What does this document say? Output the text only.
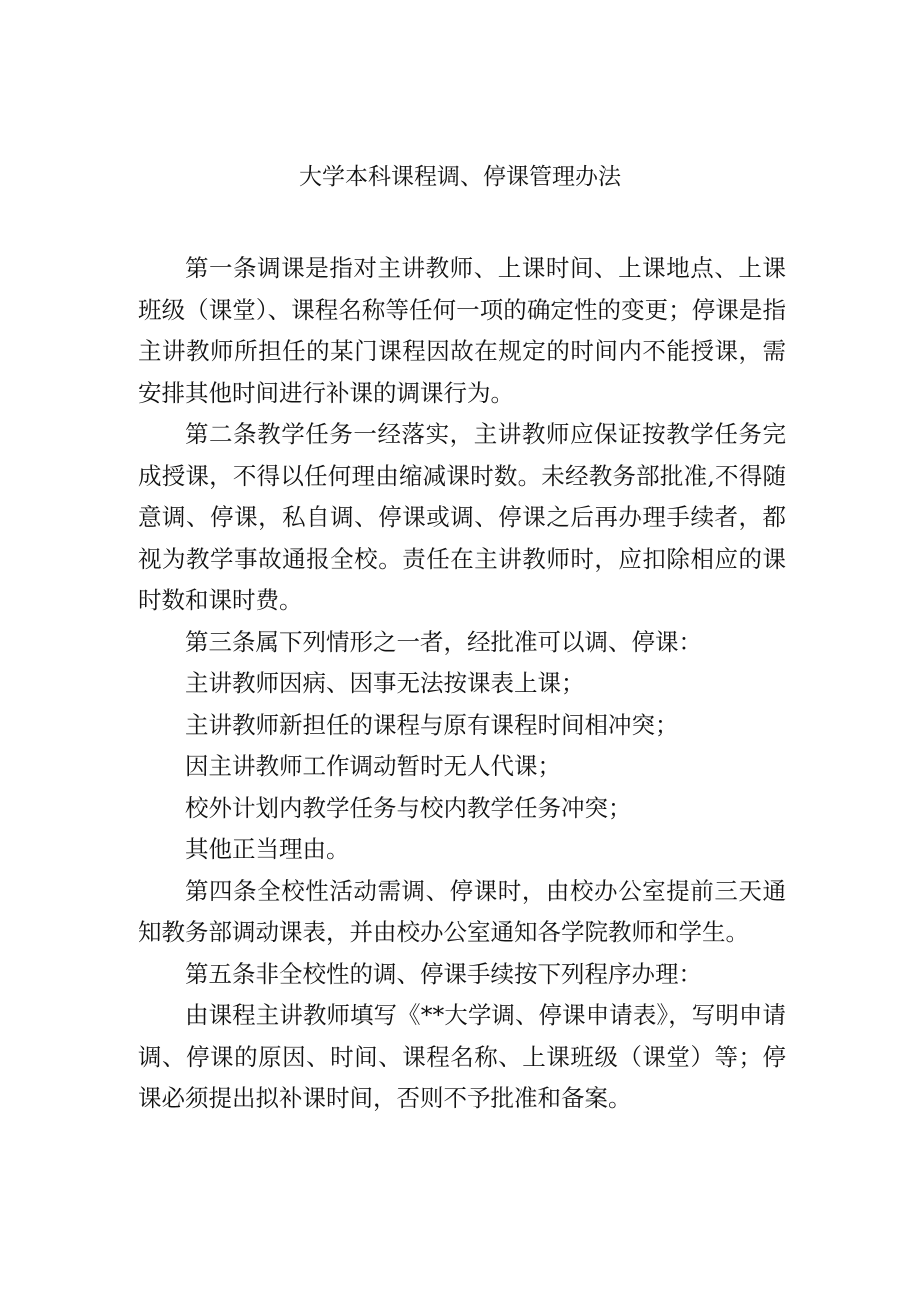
大学本科课程调、停课管理办法

第一条调课是指对主讲教师、上课时间、上课地点、上课班级（课堂）、课程名称等任何一项的确定性的变更；停课是指主讲教师所担任的某门课程因故在规定的时间内不能授课，需安排其他时间进行补课的调课行为。

第二条教学任务一经落实，主讲教师应保证按教学任务完成授课，不得以任何理由缩减课时数。未经教务部批准,不得随意调、停课，私自调、停课或调、停课之后再办理手续者，都视为教学事故通报全校。责任在主讲教师时，应扣除相应的课时数和课时费。

第三条属下列情形之一者，经批准可以调、停课：

主讲教师因病、因事无法按课表上课；

主讲教师新担任的课程与原有课程时间相冲突；

因主讲教师工作调动暂时无人代课；

校外计划内教学任务与校内教学任务冲突；

其他正当理由。

第四条全校性活动需调、停课时，由校办公室提前三天通知教务部调动课表，并由校办公室通知各学院教师和学生。

第五条非全校性的调、停课手续按下列程序办理：

由课程主讲教师填写《**大学调、停课申请表》，写明申请调、停课的原因、时间、课程名称、上课班级（课堂）等；停课必须提出拟补课时间，否则不予批准和备案。
